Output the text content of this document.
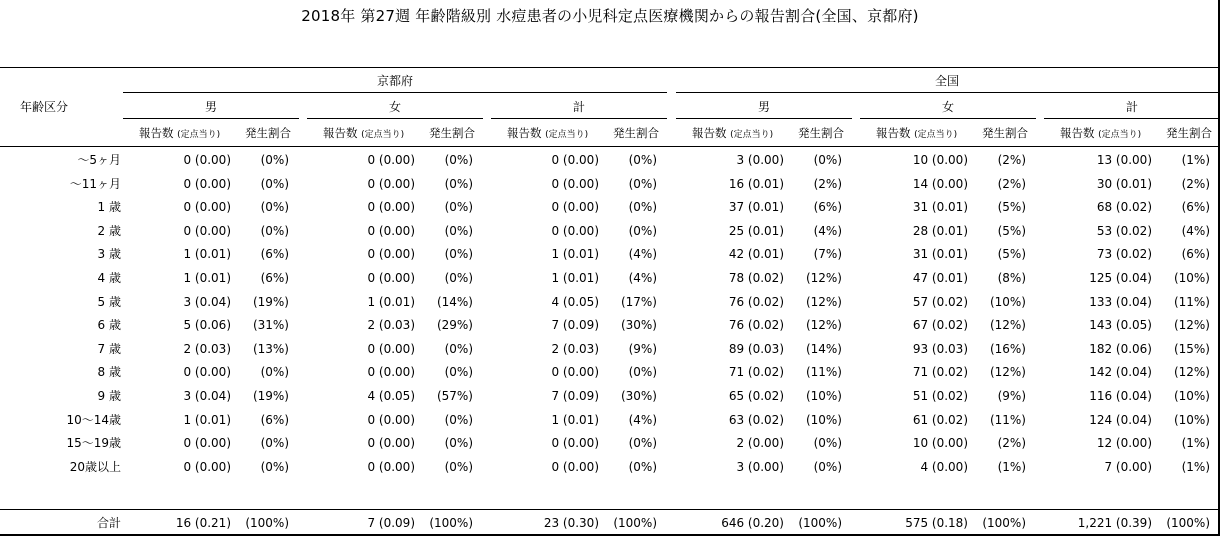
2018年 第27週 年齢階級別 水痘患者の小児科定点医療機関からの報告割合(全国、京都府)
年齢区分
京都府	全国
男
報告数 (定点当り) 発生割合
女
報告数 (定点当り) 発生割合
計
報告数 (定点当り) 発生割合
男
報告数 (定点当り) 発生割合
女
報告数 (定点当り) 発生割合
計
報告数 (定点当り) 発生割合
～5ヶ月	0 (0.00)	(0%)	0 (0.00)	(0%)	0 (0.00)	(0%)	3 (0.00)	(0%)	10 (0.00)	(2%)	13 (0.00)	(1%)
～11ヶ月	0 (0.00)	(0%)	0 (0.00)	(0%)	0 (0.00)	(0%)	16 (0.01)	(2%)	14 (0.00)	(2%)	30 (0.01)	(2%)
1 歳	0 (0.00)	(0%)	0 (0.00)	(0%)	0 (0.00)	(0%)	37 (0.01)	(6%)	31 (0.01)	(5%)	68 (0.02)	(6%)
2 歳	0 (0.00)	(0%)	0 (0.00)	(0%)	0 (0.00)	(0%)	25 (0.01)	(4%)	28 (0.01)	(5%)	53 (0.02)	(4%)
3 歳	1 (0.01)	(6%)	0 (0.00)	(0%)	1 (0.01)	(4%)	42 (0.01)	(7%)	31 (0.01)	(5%)	73 (0.02)	(6%)
4 歳	1 (0.01)	(6%)	0 (0.00)	(0%)	1 (0.01)	(4%)	78 (0.02)	(12%)	47 (0.01)	(8%)	125 (0.04)	(10%)
5 歳	3 (0.04)	(19%)	1 (0.01)	(14%)	4 (0.05)	(17%)	76 (0.02)	(12%)	57 (0.02)	(10%)	133 (0.04)	(11%)
6 歳	5 (0.06)	(31%)	2 (0.03)	(29%)	7 (0.09)	(30%)	76 (0.02)	(12%)	67 (0.02)	(12%)	143 (0.05)	(12%)
7 歳	2 (0.03)	(13%)	0 (0.00)	(0%)	2 (0.03)	(9%)	89 (0.03)	(14%)	93 (0.03)	(16%)	182 (0.06)	(15%)
8 歳	0 (0.00)	(0%)	0 (0.00)	(0%)	0 (0.00)	(0%)	71 (0.02)	(11%)	71 (0.02)	(12%)	142 (0.04)	(12%)
9 歳	3 (0.04)	(19%)	4 (0.05)	(57%)	7 (0.09)	(30%)	65 (0.02)	(10%)	51 (0.02)	(9%)	116 (0.04)	(10%)
10～14歳	1 (0.01)	(6%)	0 (0.00)	(0%)	1 (0.01)	(4%)	63 (0.02)	(10%)	61 (0.02)	(11%)	124 (0.04)	(10%)
15～19歳	0 (0.00)	(0%)	0 (0.00)	(0%)	0 (0.00)	(0%)	2 (0.00)	(0%)	10 (0.00)	(2%)	12 (0.00)	(1%)
20歳以上	0 (0.00)	(0%)	0 (0.00)	(0%)	0 (0.00)	(0%)	3 (0.00)	(0%)	4 (0.00)	(1%)	7 (0.00)	(1%)
合計	16 (0.21)	(100%)	7 (0.09)	(100%)	23 (0.30)	(100%)	646 (0.20)	(100%)	575 (0.18)	(100%)	1,221 (0.39)	(100%)
